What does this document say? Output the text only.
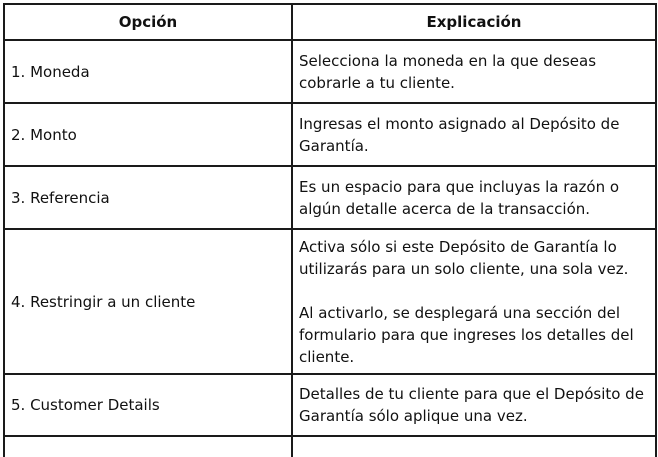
Opción	Explicación
1. Moneda	Selecciona la moneda en la que deseas cobrarle a tu cliente.

2. Monto	Ingresas el monto asignado al Depósito de Garantía.

3. Referencia	Es un espacio para que incluyas la razón o algún detalle acerca de la transacción.

4. Restringir a un cliente	Activa sólo si este Depósito de Garantía lo utilizarás para un solo cliente, una sola vez.
Al activarlo, se desplegará una sección del formulario para que ingreses los detalles del cliente.

5. Customer Details	Detalles de tu cliente para que el Depósito de Garantía sólo aplique una vez.
